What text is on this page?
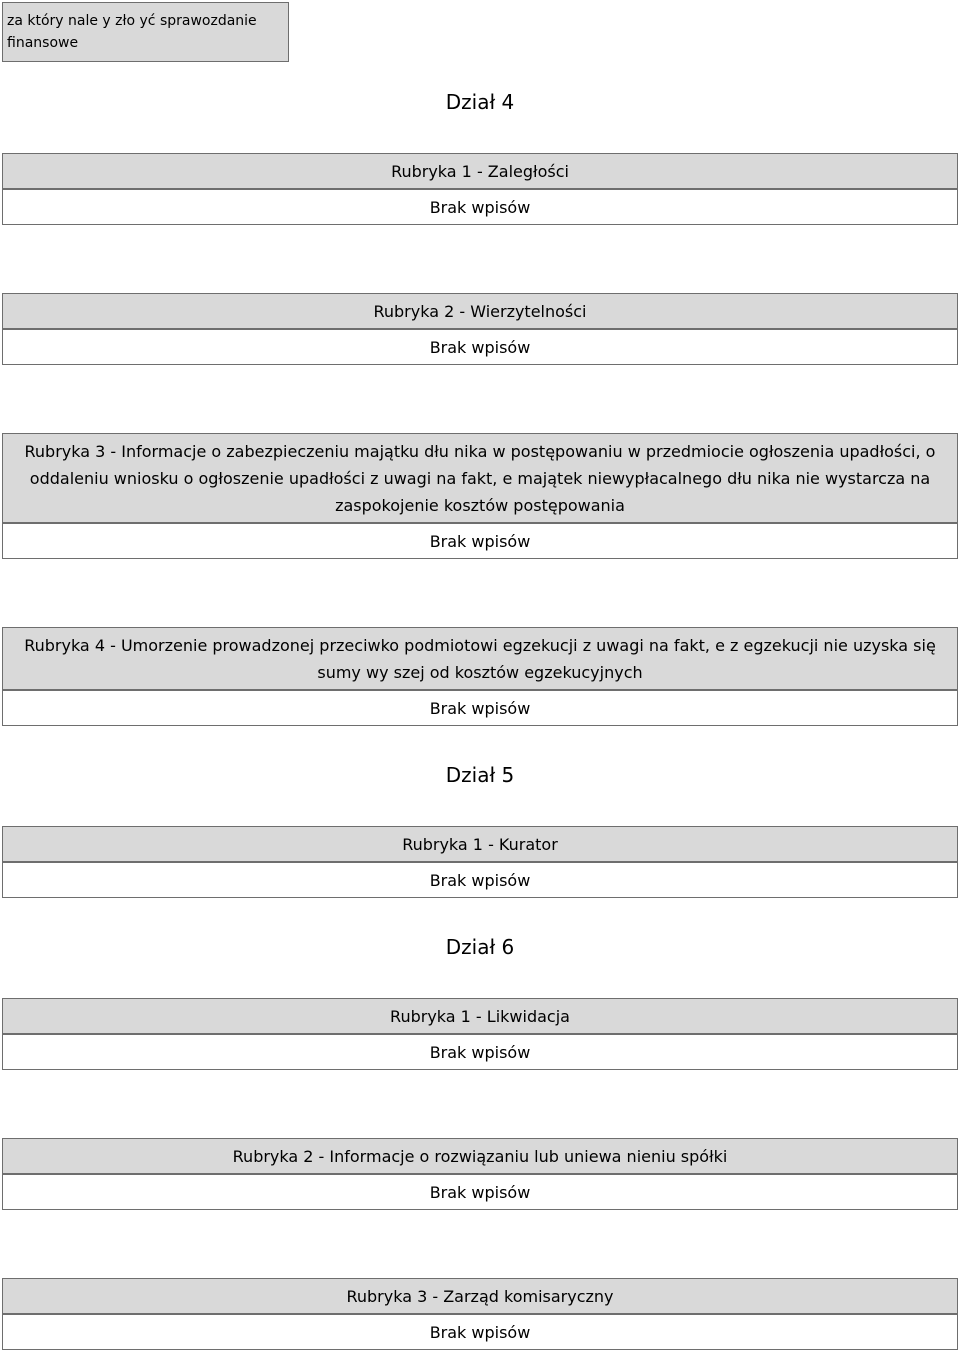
za który nale y zło yć sprawozdanie finansowe
Dział 4
Rubryka 1 - Zaległości
Brak wpisów
Rubryka 2 - Wierzytelności
Brak wpisów
Rubryka 3 - Informacje o zabezpieczeniu majątku dłu nika w postępowaniu w przedmiocie ogłoszenia upadłości, o
oddaleniu wniosku o ogłoszenie upadłości z uwagi na fakt, e majątek niewypłacalnego dłu nika nie wystarcza na
zaspokojenie kosztów postępowania
Brak wpisów
Rubryka 4 - Umorzenie prowadzonej przeciwko podmiotowi egzekucji z uwagi na fakt, e z egzekucji nie uzyska się
sumy wy szej od kosztów egzekucyjnych
Brak wpisów
Dział 5
Rubryka 1 - Kurator
Brak wpisów
Dział 6
Rubryka 1 - Likwidacja
Brak wpisów
Rubryka 2 - Informacje o rozwiązaniu lub uniewa nieniu spółki
Brak wpisów
Rubryka 3 - Zarząd komisaryczny
Brak wpisów
